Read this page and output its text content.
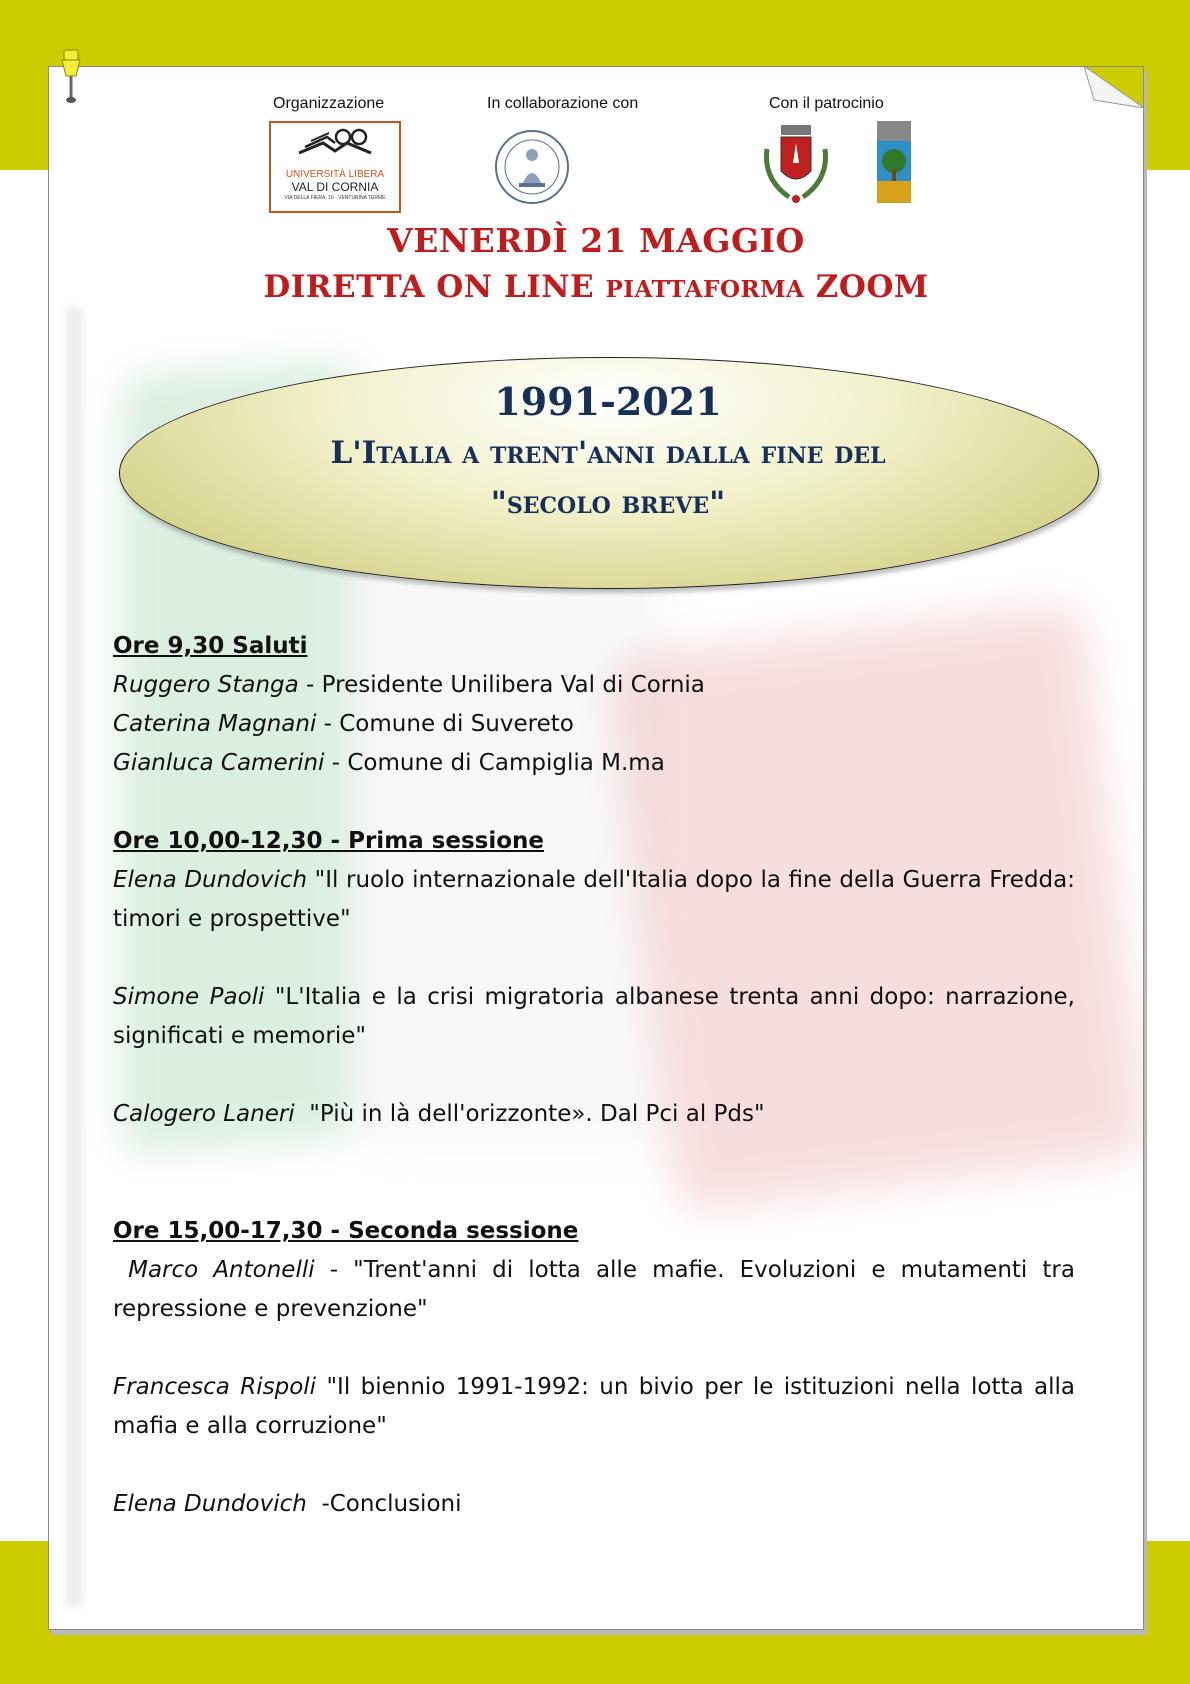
Organizzazione	In collaborazione con	Con il patrocinio
UNIVERSITÀ LIBERA
VAL DI CORNIA
VIA DELLA FIERA, 10 - VENTURINA TERME
VENERDÌ 21 MAGGIO
DIRETTA ON LINE PIATTAFORMA ZOOM
1991-2021
L'Italia a trent'anni dalla fine del
"secolo breve"

Ore 9,30 Saluti

Ruggero Stanga - Presidente Unilibera Val di Cornia

Caterina Magnani - Comune di Suvereto

Gianluca Camerini - Comune di Campiglia M.ma

Ore 10,00-12,30 - Prima sessione

Elena Dundovich "Il ruolo internazionale dell'Italia dopo la fine della Guerra Fredda: timori e prospettive"

Simone Paoli "L'Italia e la crisi migratoria albanese trenta anni dopo: narrazione, significati e memorie"

Calogero Laneri  "Più in là dell'orizzonte». Dal Pci al Pds"

Ore 15,00-17,30 - Seconda sessione

Marco Antonelli - "Trent'anni di lotta alle mafie. Evoluzioni e mutamenti tra repressione e prevenzione"

Francesca Rispoli "Il biennio 1991-1992: un bivio per le istituzioni nella lotta alla mafia e alla corruzione"

Elena Dundovich  -Conclusioni
